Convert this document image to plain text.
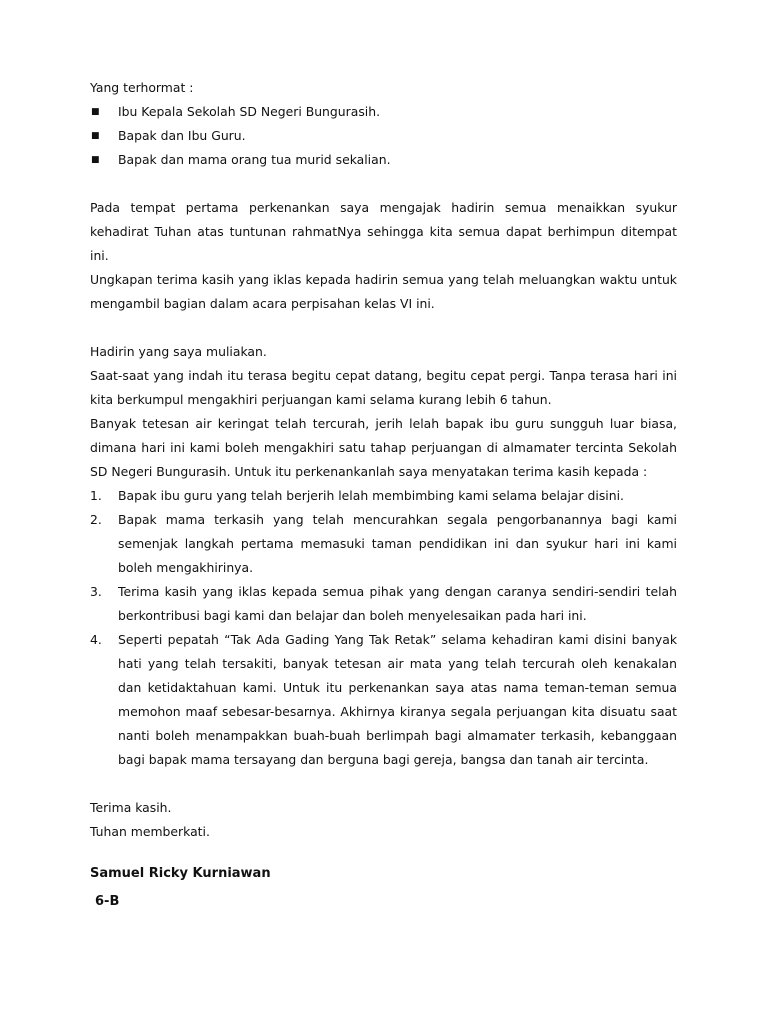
Yang terhormat :

■ Ibu Kepala Sekolah SD Negeri Bungurasih.
■ Bapak dan Ibu Guru.
■ Bapak dan mama orang tua murid sekalian.

Pada tempat pertama perkenankan saya mengajak hadirin semua menaikkan syukur kehadirat Tuhan atas tuntunan rahmatNya sehingga kita semua dapat berhimpun ditempat ini.

Ungkapan terima kasih yang iklas kepada hadirin semua yang telah meluangkan waktu untuk mengambil bagian dalam acara perpisahan kelas VI ini.

Hadirin yang saya muliakan.

Saat-saat yang indah itu terasa begitu cepat datang, begitu cepat pergi. Tanpa terasa hari ini kita berkumpul mengakhiri perjuangan kami selama kurang lebih 6 tahun.

Banyak tetesan air keringat telah tercurah, jerih lelah bapak ibu guru sungguh luar biasa, dimana hari ini kami boleh mengakhiri satu tahap perjuangan di almamater tercinta Sekolah SD Negeri Bungurasih. Untuk itu perkenankanlah saya menyatakan terima kasih kepada :

1. Bapak ibu guru yang telah berjerih lelah membimbing kami selama belajar disini.
2. Bapak mama terkasih yang telah mencurahkan segala pengorbanannya bagi kami semenjak langkah pertama memasuki taman pendidikan ini dan syukur hari ini kami boleh mengakhirinya.
3. Terima kasih yang iklas kepada semua pihak yang dengan caranya sendiri-sendiri telah berkontribusi bagi kami dan belajar dan boleh menyelesaikan pada hari ini.
4. Seperti pepatah “Tak Ada Gading Yang Tak Retak” selama kehadiran kami disini banyak hati yang telah tersakiti, banyak tetesan air mata yang telah tercurah oleh kenakalan dan ketidaktahuan kami. Untuk itu perkenankan saya atas nama teman-teman semua memohon maaf sebesar-besarnya. Akhirnya kiranya segala perjuangan kita disuatu saat nanti boleh menampakkan buah-buah berlimpah bagi almamater terkasih, kebanggaan bagi bapak mama tersayang dan berguna bagi gereja, bangsa dan tanah air tercinta.

Terima kasih.

Tuhan memberkati.

Samuel Ricky Kurniawan
6-B
